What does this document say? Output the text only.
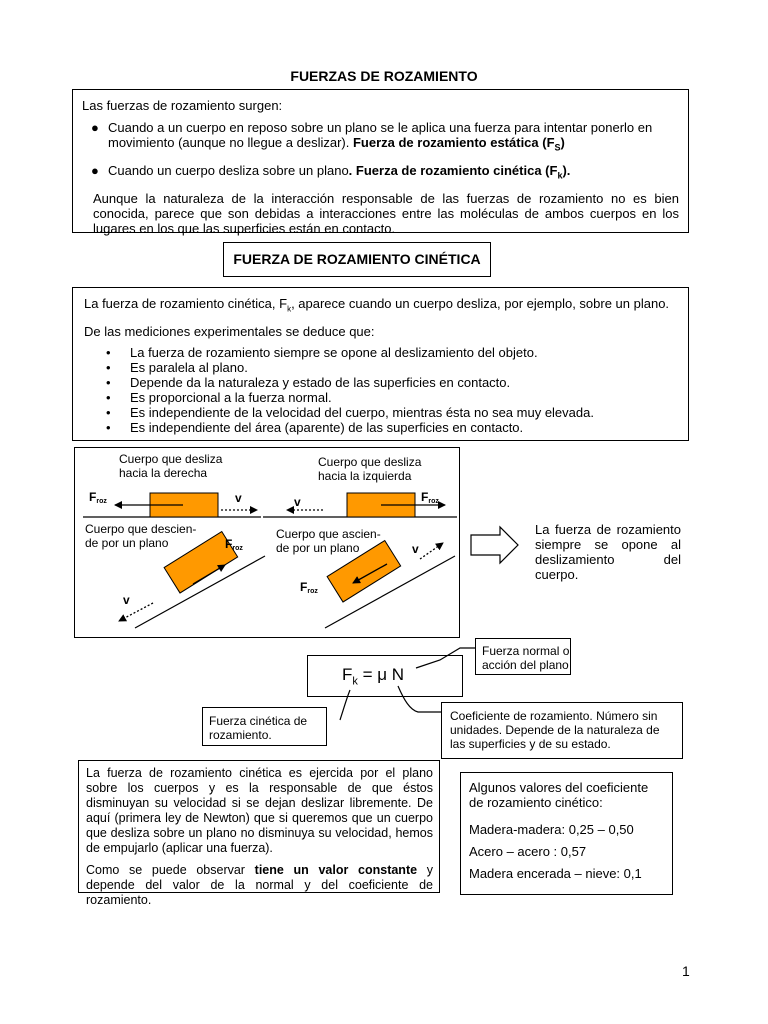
FUERZAS DE ROZAMIENTO

Las fuerzas de rozamiento surgen:

● Cuando a un cuerpo en reposo sobre un plano se le aplica una fuerza para intentar ponerlo en movimiento (aunque no llegue a deslizar). Fuerza de rozamiento estática $(F_S)$
● Cuando un cuerpo desliza sobre un plano. Fuerza de rozamiento cinética $(F_k)$.

Aunque la naturaleza de la interacción responsable de las fuerzas de rozamiento no es bien conocida, parece que son debidas a interacciones entre las moléculas de ambos cuerpos en los lugares en los que las superficies están en contacto.

FUERZA DE ROZAMIENTO CINÉTICA

La fuerza de rozamiento cinética, $F_k$, aparece cuando un cuerpo desliza, por ejemplo, sobre un plano.

De las mediciones experimentales se deduce que:

• La fuerza de rozamiento siempre se opone al deslizamiento del objeto.
• Es paralela al plano.
• Depende da la naturaleza y estado de las superficies en contacto.
• Es proporcional a la fuerza normal.
• Es independiente de la velocidad del cuerpo, mientras ésta no sea muy elevada.
• Es independiente del área (aparente) de las superficies en contacto.
Cuerpo que desliza
hacia la derecha
Cuerpo que desliza
hacia la izquierda
Cuerpo que descien-
de por un plano
Cuerpo que ascien-
de por un plano
Froz	v	Froz
v
Froz
v
Froz
v

La fuerza de rozamiento siempre se opone al deslizamiento del cuerpo.

$F_k = \mu$ N
Fuerza normal o
acción del plano
Fuerza cinética de
rozamiento.
Coeficiente de rozamiento. Número sin unidades. Depende de la naturaleza de las superficies y de su estado.

La fuerza de rozamiento cinética es ejercida por el plano sobre los cuerpos y es la responsable de que éstos disminuyan su velocidad si se dejan deslizar libremente. De aquí (primera ley de Newton) que si queremos que un cuerpo que desliza sobre un plano no disminuya su velocidad, hemos de empujarlo (aplicar una fuerza).

Como se puede observar tiene un valor constante y depende del valor de la normal y del coeficiente de rozamiento.

Algunos valores del coeficiente de rozamiento cinético:

Madera-madera: 0,25 – 0,50

Acero – acero : 0,57

Madera encerada – nieve: 0,1

1
